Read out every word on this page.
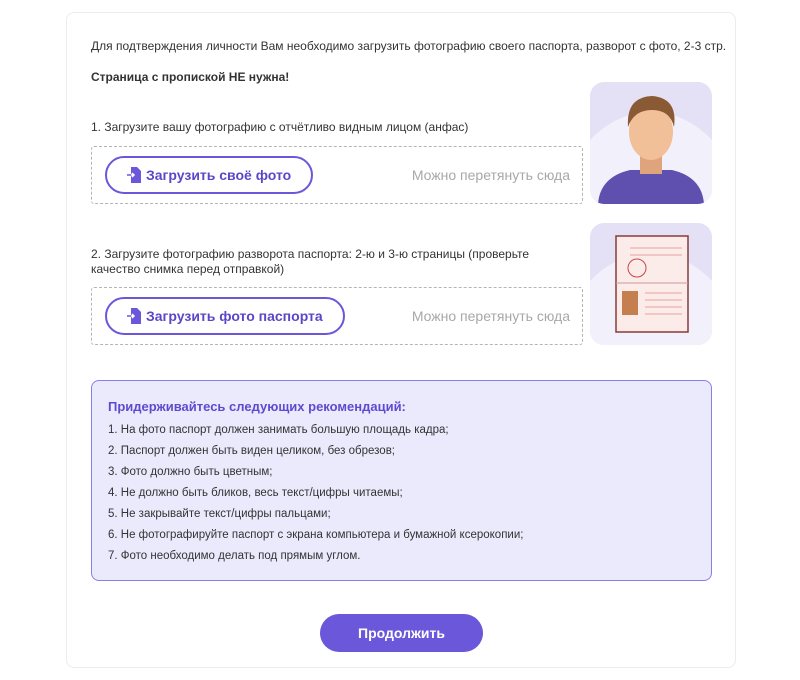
Для подтверждения личности Вам необходимо загрузить фотографию своего паспорта, разворот с фото, 2-3 стр.
Страница с пропиской НЕ нужна!
1. Загрузите вашу фотографию с отчётливо видным лицом (анфас)
Загрузить своё фото	Можно перетянуть сюда
2. Загрузите фотографию разворота паспорта: 2-ю и 3-ю страницы (проверьте качество снимка перед отправкой)
Загрузить фото паспорта	Можно перетянуть сюда
Придерживайтесь следующих рекомендаций:
1. На фото паспорт должен занимать большую площадь кадра;
2. Паспорт должен быть виден целиком, без обрезов;
3. Фото должно быть цветным;
4. Не должно быть бликов, весь текст/цифры читаемы;
5. Не закрывайте текст/цифры пальцами;
6. Не фотографируйте паспорт с экрана компьютера и бумажной ксерокопии;
7. Фото необходимо делать под прямым углом.
Продолжить
